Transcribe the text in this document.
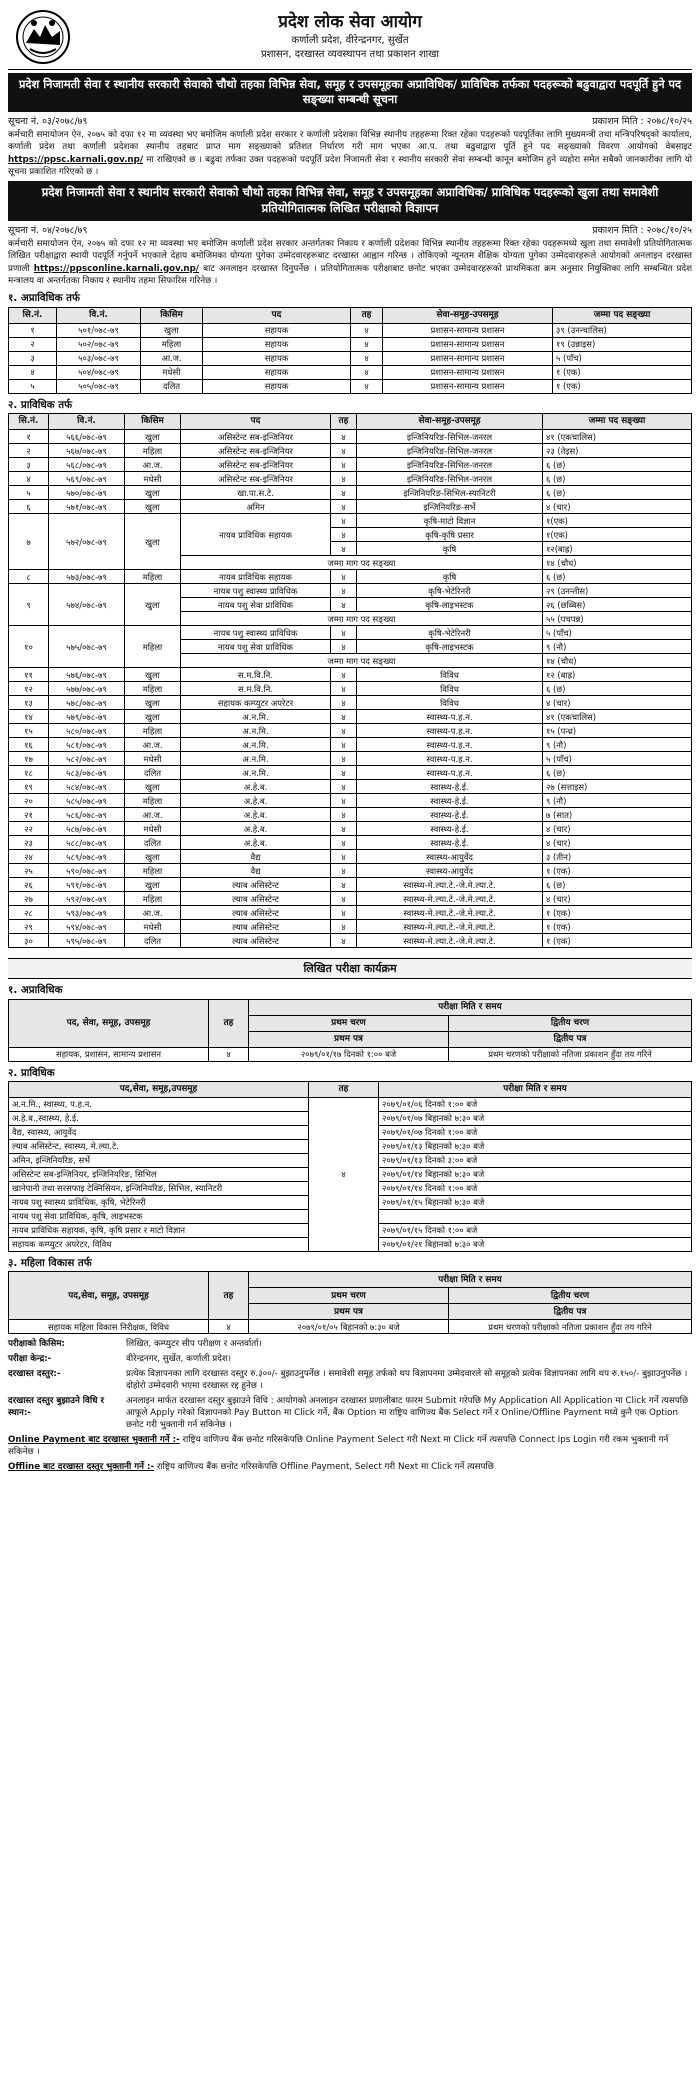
प्रदेश लोक सेवा आयोग
कर्णाली प्रदेश, वीरेन्द्रनगर, सुर्खेत
प्रशासन, दरखास्त व्यवस्थापन तथा प्रकाशन शाखा
प्रदेश निजामती सेवा र स्थानीय सरकारी सेवाको चौथो तहका विभिन्न सेवा, समूह र उपसमूहका अप्राविधिक/ प्राविधिक तर्फका पदहरूको बढुवाद्वारा पदपूर्ति हुने पद सङ्ख्या सम्बन्धी सूचना
सूचना नं. ०३/२०७८/७९	प्रकाशन मिति : २०७८/१०/२५
कर्मचारी समायोजन ऐन, २०७५ को दफा १२ मा व्यवस्था भए बमोजिम कर्णाली प्रदेश सरकार र कर्णाली प्रदेशका विभिन्न स्थानीय तहहरूमा रिक्त रहेका पदहरूको पदपूर्तिका लागि मुख्यमन्त्री तथा मन्त्रिपरिषद्को कार्यालय, कर्णाली प्रदेश तथा कर्णाली प्रदेशका स्थानीय तहबाट प्राप्त माग सङ्ख्याको प्रतिशत निर्धारण गरी माग भएका आ.प. तथा बढुवाद्वारा पूर्ति हुने पद सङ्ख्याको विवरण आयोगको वेबसाइट https://ppsc.karnali.gov.np/ मा राखिएको छ । बढुवा तर्फका उक्त पदहरूको पदपूर्ति प्रदेश निजामती सेवा र स्थानीय सरकारी सेवा सम्बन्धी कानून बमोजिम हुने व्यहोरा समेत सबैको जानकारीका लागि यो सूचना प्रकाशित गरिएको छ ।
प्रदेश निजामती सेवा र स्थानीय सरकारी सेवाको चौथो तहका विभिन्न सेवा, समूह र उपसमूहका अप्राविधिक/ प्राविधिक पदहरूको खुला तथा समावेशी प्रतियोगितात्मक लिखित परीक्षाको विज्ञापन
सूचना नं. ०४/२०७८/७९	प्रकाशन मिति : २०७८/१०/२५
कर्मचारी समायोजन ऐन, २०७५ को दफा १२ मा व्यवस्था भए बमोजिम कर्णाली प्रदेश सरकार अन्तर्गतका निकाय र कर्णाली प्रदेशका विभिन्न स्थानीय तहहरूमा रिक्त रहेका पदहरूमध्ये खुला तथा समावेशी प्रतियोगितात्मक लिखित परीक्षाद्वारा स्थायी पदपूर्ति गर्नुपर्ने भएकाले देहाय बमोजिमका योग्यता पुगेका उम्मेदवारहरूबाट दरखास्त आह्वान गरिन्छ । तोकिएको न्यूनतम शैक्षिक योग्यता पुगेका उम्मेदवारहरूले आयोगको अनलाइन दरखास्त प्रणाली https://ppsconline.karnali.gov.np/ बाट अनलाइन दरखास्त दिनुपर्नेछ । प्रतियोगितात्मक परीक्षाबाट छनोट भएका उम्मेदवारहरूको प्राथमिकता क्रम अनुसार नियुक्तिका लागि सम्बन्धित प्रदेश मन्त्रालय वा अन्तर्गतका निकाय र स्थानीय तहमा सिफारिस गरिनेछ ।
१. अप्राविधिक तर्फ
सि.नं.	वि.नं.	किसिम	पद	तह	सेवा-समूह-उपसमूह	जम्मा पद सङ्ख्या
१	५०१/०७८-७९	खुला	सहायक	४	प्रशासन-सामान्य प्रशासन	३९ (उनन्चालिस)
२	५०२/०७८-७९	महिला	सहायक	४	प्रशासन-सामान्य प्रशासन	१९ (उन्नाइस)
३	५०३/०७८-७९	आ.ज.	सहायक	४	प्रशासन-सामान्य प्रशासन	५ (पाँच)
४	५०४/०७८-७९	मधेसी	सहायक	४	प्रशासन-सामान्य प्रशासन	१ (एक)
५	५०५/०७८-७९	दलित	सहायक	४	प्रशासन-सामान्य प्रशासन	१ (एक)
२. प्राविधिक तर्फ
सि.नं.	वि.नं.	किसिम	पद	तह	सेवा-समूह-उपसमूह	जम्मा पद सङ्ख्या
१	५६६/०७८-७९	खुला	असिस्टेन्ट सब-इन्जिनियर	४	इन्जिनियरिङ-सिभिल-जनरल	४१ (एकचालिस)
२	५६७/०७८-७९	महिला	असिस्टेन्ट सब-इन्जिनियर	४	इन्जिनियरिङ-सिभिल-जनरल	२३ (तेइस)
३	५६८/०७८-७९	आ.ज.	असिस्टेन्ट सब-इन्जिनियर	४	इन्जिनियरिङ-सिभिल-जनरल	६ (छ)
४	५६९/०७८-७९	मधेसी	असिस्टेन्ट सब-इन्जिनियर	४	इन्जिनियरिङ-सिभिल-जनरल	६ (छ)
५	५७०/०७८-७९	खुला	खा.पा.स.टे.	४	इन्जिनियरिङ-सिभिल-स्यानिटरी	६ (छ)
६	५७१/०७८-७९	खुला	अमिन	४	इन्जिनियरिङ-सर्भे	४ (चार)
७	५७२/०७८-७९	खुला	नायब प्राविधिक सहायक	४	कृषि-माटो विज्ञान	१(एक)
				४	कृषि-कृषि प्रसार	१(एक)
				४	कृषि	१२(बाह्र)
			जम्मा माग पद सङ्ख्या			१४ (चौध)
८	५७३/०७८-७९	महिला	नायब प्राविधिक सहायक	४	कृषि	६ (छ)
९	५७४/०७८-७९	खुला	नायब पशु स्वास्थ्य प्राविधिक	४	कृषि-भेटेरिनरी	२९ (उनन्तीस)
			नायब पशु सेवा प्राविधिक	४	कृषि-लाइभस्टक	२६ (छब्बिस)
			जम्मा माग पद सङ्ख्या			५५ (पचपन्न)
१०	५७५/०७८-७९	महिला	नायब पशु स्वास्थ्य प्राविधिक	४	कृषि-भेटेरिनरी	५ (पाँच)
			नायब पशु सेवा प्राविधिक	४	कृषि-लाइभस्टक	९ (नौ)
			जम्मा माग पद सङ्ख्या			१४ (चौध)
११	५७६/०७८-७९	खुला	स.म.वि.नि.	४	विविध	१२ (बाह्र)
१२	५७७/०७८-७९	महिला	स.म.वि.नि.	४	विविध	६ (छ)
१३	५७८/०७८-७९	खुला	सहायक कम्प्युटर अपरेटर	४	विविध	४ (चार)
१४	५७९/०७८-७९	खुला	अ.न.मि.	४	स्वास्थ्य-प.ह.न.	४१ (एकचालिस)
१५	५८०/०७८-७९	महिला	अ.न.मि.	४	स्वास्थ्य-प.ह.न.	१५ (पन्ध्र)
१६	५८१/०७८-७९	आ.ज.	अ.न.मि.	४	स्वास्थ्य-प.ह.न.	९ (नौ)
१७	५८२/०७८-७९	मधेसी	अ.न.मि.	४	स्वास्थ्य-प.ह.न.	५ (पाँच)
१८	५८३/०७८-७९	दलित	अ.न.मि.	४	स्वास्थ्य-प.ह.न.	६ (छ)
१९	५८४/०७८-७९	खुला	अ.हे.ब.	४	स्वास्थ्य-हे.ई.	२७ (सत्ताइस)
२०	५८५/०७८-७९	महिला	अ.हे.ब.	४	स्वास्थ्य-हे.ई.	९ (नौ)
२१	५८६/०७८-७९	आ.ज.	अ.हे.ब.	४	स्वास्थ्य-हे.ई.	७ (सात)
२२	५८७/०७८-७९	मधेसी	अ.हे.ब.	४	स्वास्थ्य-हे.ई.	४ (चार)
२३	५८८/०७८-७९	दलित	अ.हे.ब.	४	स्वास्थ्य-हे.ई.	४ (चार)
२४	५८९/०७८-७९	खुला	वैद्य	४	स्वास्थ्य-आयुर्वेद	३ (तीन)
२५	५९०/०७८-७९	महिला	वैद्य	४	स्वास्थ्य-आयुर्वेद	१ (एक)
२६	५९१/०७८-७९	खुला	ल्याब असिस्टेन्ट	४	स्वास्थ्य-मे.ल्या.टे.-जे.मे.ल्या.टे.	६ (छ)
२७	५९२/०७८-७९	महिला	ल्याब असिस्टेन्ट	४	स्वास्थ्य-मे.ल्या.टे.-जे.मे.ल्या.टे.	४ (चार)
२८	५९३/०७८-७९	आ.ज.	ल्याब असिस्टेन्ट	४	स्वास्थ्य-मे.ल्या.टे.-जे.मे.ल्या.टे.	१ (एक)
२९	५९४/०७८-७९	मधेसी	ल्याब असिस्टेन्ट	४	स्वास्थ्य-मे.ल्या.टे.-जे.मे.ल्या.टे.	१ (एक)
३०	५९५/०७८-७९	दलित	ल्याब असिस्टेन्ट	४	स्वास्थ्य-मे.ल्या.टे.-जे.मे.ल्या.टे.	१ (एक)
लिखित परीक्षा कार्यक्रम
१. अप्राविधिक
पद, सेवा, समूह, उपसमूह	तह	परीक्षा मिति र समय	
		प्रथम चरण	द्वितीय चरण
		प्रथम पत्र	द्वितीय पत्र
सहायक, प्रशासन, सामान्य प्रशासन	४	२०७९/०१/१७ दिनको १:०० बजे	प्रथम चरणको परीक्षाको नतिजा प्रकाशन हुँदा तय गरिने
२. प्राविधिक
पद,सेवा, समूह,उपसमूह	तह	परीक्षा मिति र समय
अ.न.मि., स्वास्थ्य, प.ह.न.	४	२०७९/०१/०६ दिनको १:०० बजे
अ.हे.ब.,स्वास्थ्य, हे.ई.		२०७९/०१/०७ बिहानको ७:३० बजे
वैद्य, स्वास्थ्य, आयुर्वेद		२०७९/०१/०७ दिनको १:०० बजे
ल्याब असिस्टेन्ट, स्वास्थ्य, मे.ल्या.टे.		२०७९/०१/१३ बिहानको ७:३० बजे
अमिन, इन्जिनियरिङ, सर्भे		२०७९/०१/१३ दिनको ३:०० बजे
असिस्टेन्ट सब-इन्जिनियर, इन्जिनियरिङ, सिभिल		२०७९/०१/१४ बिहानको ७:३० बजे
खानेपानी तथा सरसफाइ टेक्निसियन, इन्जिनियरिङ, सिभिल, स्यानिटरी		२०७९/०१/१४ दिनको १:०० बजे
नायब पशु स्वास्थ्य प्राविधिक, कृषि, भेटेरिनरी		२०७९/०१/१५ बिहानको ७:३० बजे
नायब पशु सेवा प्राविधिक, कृषि, लाइभस्टक		
नायब प्राविधिक सहायक, कृषि, कृषि प्रसार र माटो विज्ञान		२०७९/०१/१५ दिनको १:०० बजे
सहायक कम्प्युटर अपरेटर, विविध		२०७९/०१/२१ बिहानको ७:३० बजे
३. महिला विकास तर्फ
पद,सेवा, समूह, उपसमूह	तह	परीक्षा मिति र समय	
		प्रथम चरण	द्वितीय चरण
		प्रथम पत्र	द्वितीय पत्र
सहायक महिला विकास निरीक्षक, विविध	४	२०७९/०१/०५ बिहानको ७:३० बजे	प्रथम चरणको परीक्षाको नतिजा प्रकाशन हुँदा तय गरिने
परीक्षाको किसिम:	लिखित, कम्प्युटर सीप परीक्षण र अन्तर्वार्ता।
परीक्षा केन्द्र:-	वीरेन्द्रनगर, सुर्खेत, कर्णाली प्रदेश।
दरखास्त दस्तुर:-	प्रत्येक विज्ञापनका लागि दरखास्त दस्तुर रु.३००/- बुझाउनुपर्नेछ । समावेशी समूह तर्फको थप विज्ञापनमा उम्मेदवारले सो समूहको प्रत्येक विज्ञापनका लागि थप रु.१५०/- बुझाउनुपर्नेछ । दोहोरो उम्मेदवारी भएमा दरखास्त रद्द हुनेछ ।
दरखास्त दस्तुर बुझाउने विधि र स्थान:-
अनलाइन मार्फत दरखास्त दस्तुर बुझाउने विधि : आयोगको अनलाइन दरखास्त प्रणालीबाट फारम Submit गरेपछि My Application All Application मा Click गर्ने त्यसपछि आफूले Apply गरेको विज्ञापनको Pay Button मा Click गर्ने, बैंक Option मा राष्ट्रिय वाणिज्य बैंक Select गर्ने र Online/Offline Payment मध्ये कुनै एक Option छनोट गरी भुक्तानी गर्न सकिनेछ ।
Online Payment बाट दरखास्त भुक्तानी गर्ने :- राष्ट्रिय वाणिज्य बैंक छनोट गरिसकेपछि Online Payment Select गरी Next मा Click गर्ने त्यसपछि Connect Ips Login गरी रकम भुक्तानी गर्न सकिनेछ ।
Offline बाट दरखास्त दस्तुर भुक्तानी गर्ने :- राष्ट्रिय वाणिज्य बैंक छनोट गरिसकेपछि Offline Payment, Select गरी Next मा Click गर्ने त्यसपछि
